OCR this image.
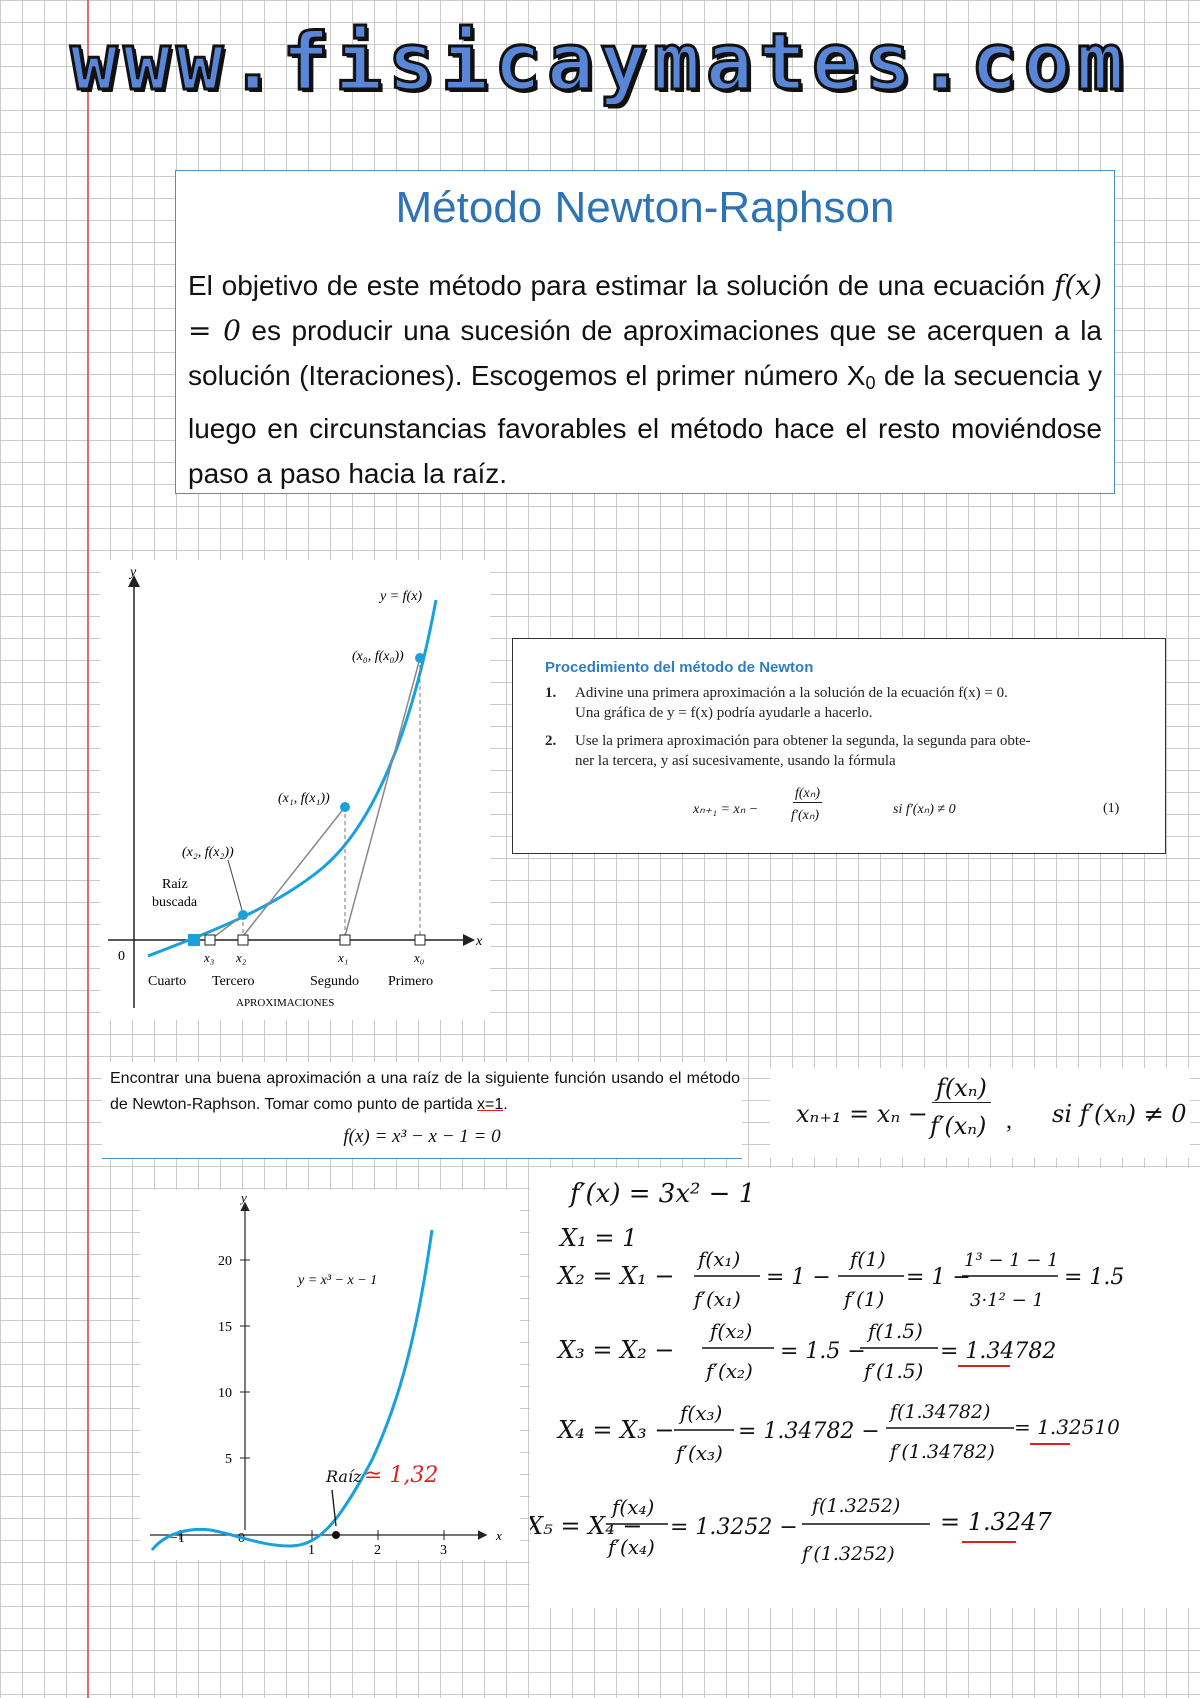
www.fisicaymates.com
Método Newton-Raphson
El objetivo de este método para estimar la solución de una ecuación f(x) = 0 es producir una sucesión de aproximaciones que se acerquen a la solución (Iteraciones). Escogemos el primer número $X_0$ de la secuencia y luego en circunstancias favorables el método hace el resto moviéndose paso a paso hacia la raíz.
y
x
0
y = f(x)
(x₀, f(x₀))
(x₁, f(x₁))
(x₂, f(x₂))
Raíz
buscada
x₃ x₂	x₁	x₀
Cuarto Tercero	Segundo Primero
APROXIMACIONES
Procedimiento del método de Newton
1. Adivine una primera aproximación a la solución de la ecuación f(x) = 0.
Una gráfica de y = f(x) podría ayudarle a hacerlo.
2. Use la primera aproximación para obtener la segunda, la segunda para obte-
ner la tercera, y así sucesivamente, usando la fórmula
xₙ₊₁ = xₙ −
f(xₙ)
f′(xₙ)	si f′(xₙ) ≠ 0	(1)
Encontrar una buena aproximación a una raíz de la siguiente función usando el método de Newton-Raphson. Tomar como punto de partida x=1.
f(x) = x³ − x − 1 = 0
xₙ₊₁ = xₙ −
f(xₙ)
f′(xₙ) , si f′(xₙ) ≠ 0
y
x
20
15
10
5
−1	0
1	2	3
y = x³ − x − 1
Raíz ≃ 1,32
f′(x) = 3x² − 1
X₁ = 1
X₂ = X₁ −
f(x₁)
f′(x₁)
= 1 −
f(1)
f′(1)
= 1 −
1³ − 1 − 1
3·1² − 1
= 1.5
X₃ = X₂ −
f(x₂)
f′(x₂)
= 1.5 −
f(1.5)
f′(1.5)
= 1.34782
X₄ = X₃ −
f(x₃)
f′(x₃)
= 1.34782 −
f(1.34782)
f′(1.34782)
= 1.32510
X₅ = X₄ −
f(x₄)
f′(x₄)
= 1.3252 −
f(1.3252)
f′(1.3252)
= 1.3247
